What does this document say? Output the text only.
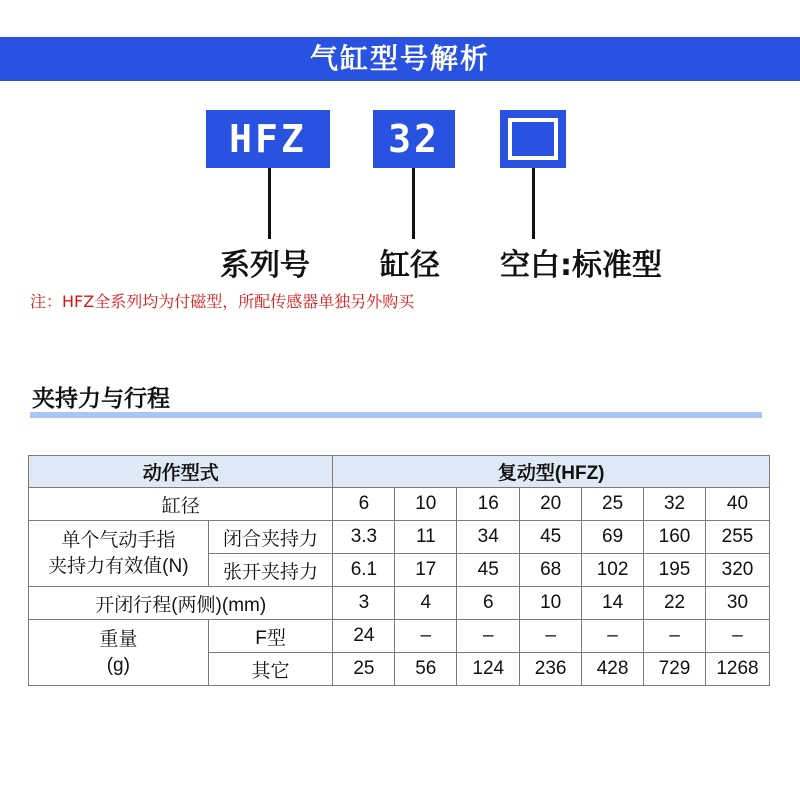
气缸型号解析
HFZ	32
系列号 缸径 空白:标准型
注：HFZ全系列均为付磁型，所配传感器单独另外购买
夹持力与行程
动作型式		复动型(HFZ)						
缸径		6	10	16	20	25	32	40

单个气动手指
夹持力有效值(N)	闭合夹持力	3.3	11	34	45	69	160	255
	张开夹持力	6.1	17	45	68	102	195	320
开闭行程(两侧)(mm)		3	4	6	10	14	22	30

重量
(g)	F型	24	–	–	–	–	–	–
	其它	25	56	124	236	428	729	1268
